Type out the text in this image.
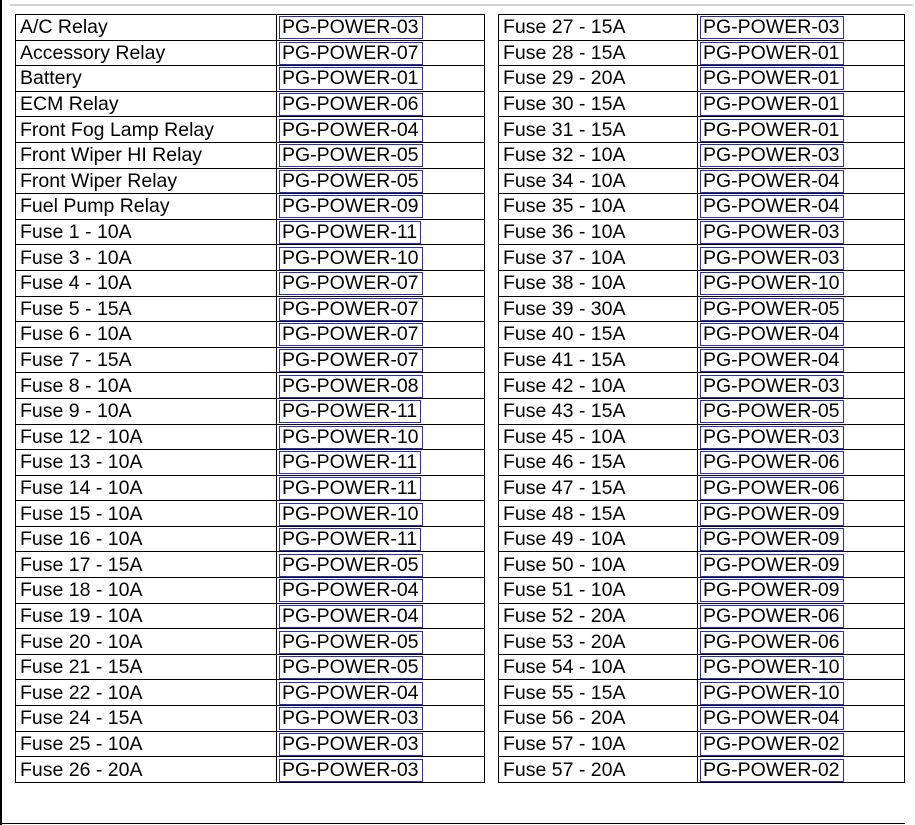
A/C Relay	PG-POWER-03
Accessory Relay	PG-POWER-07
Battery	PG-POWER-01
ECM Relay	PG-POWER-06
Front Fog Lamp Relay	PG-POWER-04
Front Wiper HI Relay	PG-POWER-05
Front Wiper Relay	PG-POWER-05
Fuel Pump Relay	PG-POWER-09
Fuse 1 - 10A	PG-POWER-11
Fuse 3 - 10A	PG-POWER-10
Fuse 4 - 10A	PG-POWER-07
Fuse 5 - 15A	PG-POWER-07
Fuse 6 - 10A	PG-POWER-07
Fuse 7 - 15A	PG-POWER-07
Fuse 8 - 10A	PG-POWER-08
Fuse 9 - 10A	PG-POWER-11
Fuse 12 - 10A	PG-POWER-10
Fuse 13 - 10A	PG-POWER-11
Fuse 14 - 10A	PG-POWER-11
Fuse 15 - 10A	PG-POWER-10
Fuse 16 - 10A	PG-POWER-11
Fuse 17 - 15A	PG-POWER-05
Fuse 18 - 10A	PG-POWER-04
Fuse 19 - 10A	PG-POWER-04
Fuse 20 - 10A	PG-POWER-05
Fuse 21 - 15A	PG-POWER-05
Fuse 22 - 10A	PG-POWER-04
Fuse 24 - 15A	PG-POWER-03
Fuse 25 - 10A	PG-POWER-03
Fuse 26 - 20A	PG-POWER-03
Fuse 27 - 15A	PG-POWER-03
Fuse 28 - 15A	PG-POWER-01
Fuse 29 - 20A	PG-POWER-01
Fuse 30 - 15A	PG-POWER-01
Fuse 31 - 15A	PG-POWER-01
Fuse 32 - 10A	PG-POWER-03
Fuse 34 - 10A	PG-POWER-04
Fuse 35 - 10A	PG-POWER-04
Fuse 36 - 10A	PG-POWER-03
Fuse 37 - 10A	PG-POWER-03
Fuse 38 - 10A	PG-POWER-10
Fuse 39 - 30A	PG-POWER-05
Fuse 40 - 15A	PG-POWER-04
Fuse 41 - 15A	PG-POWER-04
Fuse 42 - 10A	PG-POWER-03
Fuse 43 - 15A	PG-POWER-05
Fuse 45 - 10A	PG-POWER-03
Fuse 46 - 15A	PG-POWER-06
Fuse 47 - 15A	PG-POWER-06
Fuse 48 - 15A	PG-POWER-09
Fuse 49 - 10A	PG-POWER-09
Fuse 50 - 10A	PG-POWER-09
Fuse 51 - 10A	PG-POWER-09
Fuse 52 - 20A	PG-POWER-06
Fuse 53 - 20A	PG-POWER-06
Fuse 54 - 10A	PG-POWER-10
Fuse 55 - 15A	PG-POWER-10
Fuse 56 - 20A	PG-POWER-04
Fuse 57 - 10A	PG-POWER-02
Fuse 57 - 20A	PG-POWER-02
